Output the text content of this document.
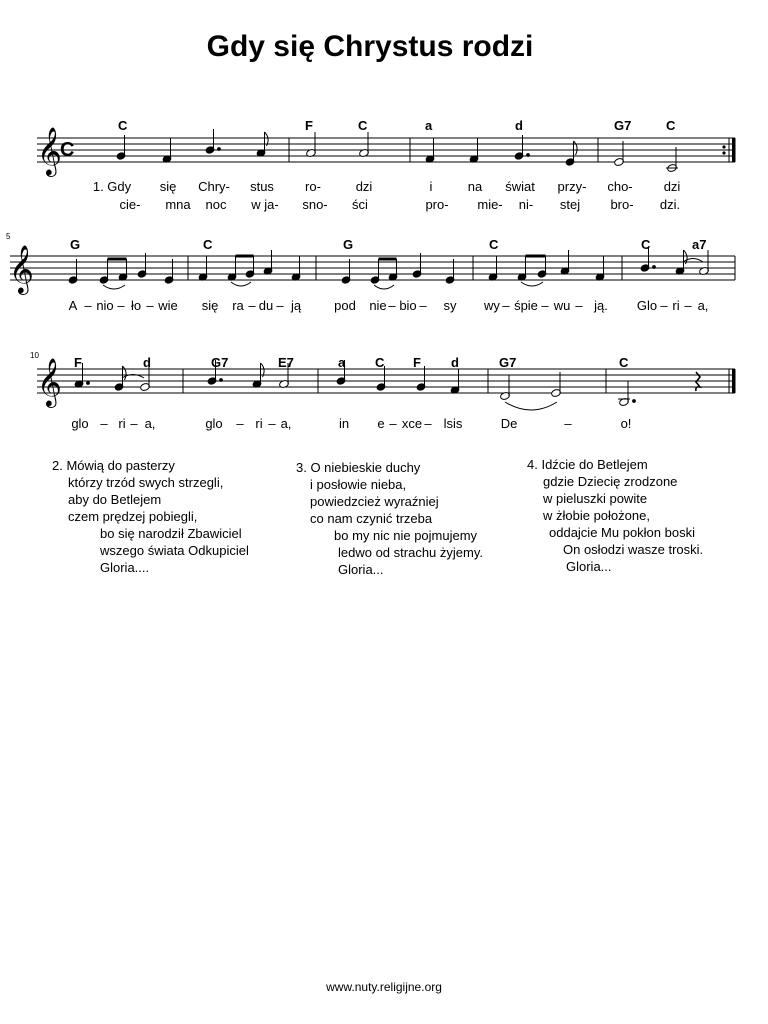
Gdy się Chrystus rodzi
𝄞
C
𝄞
𝄞
5
10
C	F	C	a	d	G7	C
G	C	G	C	C	a7
F	d	G7	E7	a C F d	G7	C
1. Gdy się Chry- stus ro-	dzi	i	na świat przy- cho- dzi
cie- mna noc w ja- sno- ści	pro- mie- ni- stej bro- dzi.
A – nio – ło – wie się ra – du – ją	pod nie – bio – sy wy – śpie – wu – ją. Glo – ri – a,
glo – ri – a,	glo – ri – a,	in e – xce – lsis	De	–	o!
2. Mówią do pasterzy
którzy trzód swych strzegli,
aby do Betlejem
czem prędzej pobiegli,
bo się narodził Zbawiciel
wszego świata Odkupiciel
Gloria....
3. O niebieskie duchy
i posłowie nieba,
powiedzcież wyraźniej
co nam czynić trzeba
bo my nic nie pojmujemy
ledwo od strachu żyjemy.
Gloria...
4. Idźcie do Betlejem
gdzie Dziecię zrodzone
w pieluszki powite
w żłobie położone,
oddajcie Mu pokłon boski
On osłodzi wasze troski.
Gloria...
www.nuty.religijne.org
